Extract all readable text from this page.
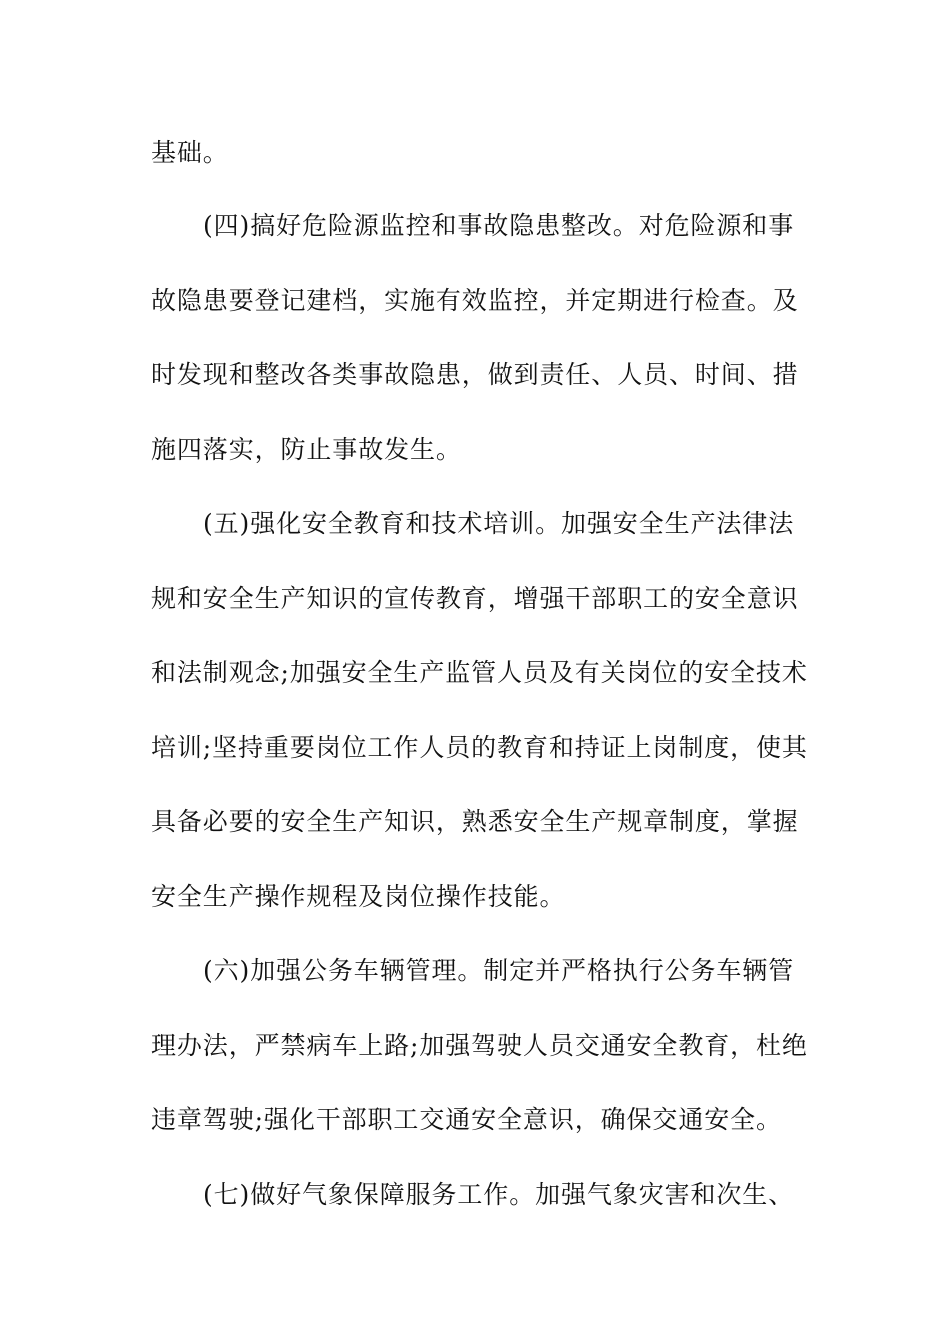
基础。
(四)搞好危险源监控和事故隐患整改。对危险源和事
故隐患要登记建档，实施有效监控，并定期进行检查。及
时发现和整改各类事故隐患，做到责任、人员、时间、措
施四落实，防止事故发生。
(五)强化安全教育和技术培训。加强安全生产法律法
规和安全生产知识的宣传教育，增强干部职工的安全意识
和法制观念;加强安全生产监管人员及有关岗位的安全技术
培训;坚持重要岗位工作人员的教育和持证上岗制度，使其
具备必要的安全生产知识，熟悉安全生产规章制度，掌握
安全生产操作规程及岗位操作技能。
(六)加强公务车辆管理。制定并严格执行公务车辆管
理办法，严禁病车上路;加强驾驶人员交通安全教育，杜绝
违章驾驶;强化干部职工交通安全意识，确保交通安全。
(七)做好气象保障服务工作。加强气象灾害和次生、
